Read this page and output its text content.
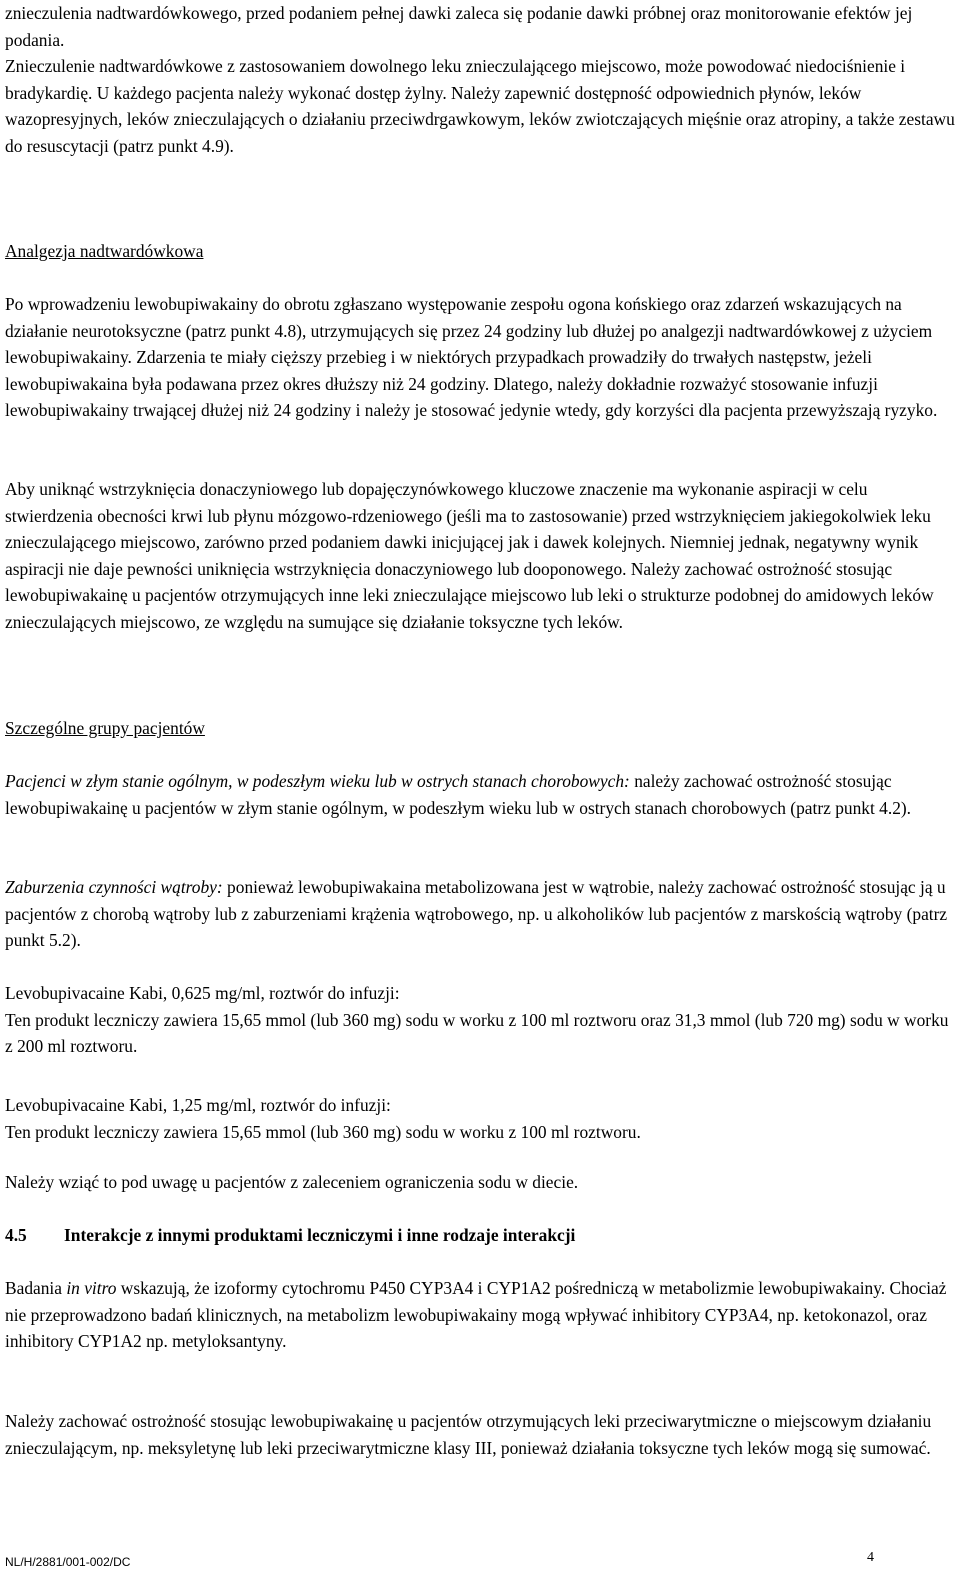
znieczulenia nadtwardówkowego, przed podaniem pełnej dawki zaleca się podanie dawki próbnej oraz monitorowanie efektów jej podania.

Znieczulenie nadtwardówkowe z zastosowaniem dowolnego leku znieczulającego miejscowo, może powodować niedociśnienie i bradykardię. U każdego pacjenta należy wykonać dostęp żylny. Należy zapewnić dostępność odpowiednich płynów, leków wazopresyjnych, leków znieczulających o działaniu przeciwdrgawkowym, leków zwiotczających mięśnie oraz atropiny, a także zestawu do resuscytacji (patrz punkt 4.9).

Analgezja nadtwardówkowa

Po wprowadzeniu lewobupiwakainy do obrotu zgłaszano występowanie zespołu ogona końskiego oraz zdarzeń wskazujących na działanie neurotoksyczne (patrz punkt 4.8), utrzymujących się przez 24 godziny lub dłużej po analgezji nadtwardówkowej z użyciem lewobupiwakainy. Zdarzenia te miały cięższy przebieg i w niektórych przypadkach prowadziły do trwałych następstw, jeżeli lewobupiwakaina była podawana przez okres dłuższy niż 24 godziny. Dlatego, należy dokładnie rozważyć stosowanie infuzji lewobupiwakainy trwającej dłużej niż 24 godziny i należy je stosować jedynie wtedy, gdy korzyści dla pacjenta przewyższają ryzyko.

Aby uniknąć wstrzyknięcia donaczyniowego lub dopajęczynówkowego kluczowe znaczenie ma wykonanie aspiracji w celu stwierdzenia obecności krwi lub płynu mózgowo-rdzeniowego (jeśli ma to zastosowanie) przed wstrzyknięciem jakiegokolwiek leku znieczulającego miejscowo, zarówno przed podaniem dawki inicjującej jak i dawek kolejnych. Niemniej jednak, negatywny wynik aspiracji nie daje pewności uniknięcia wstrzyknięcia donaczyniowego lub dooponowego. Należy zachować ostrożność stosując lewobupiwakainę u pacjentów otrzymujących inne leki znieczulające miejscowo lub leki o strukturze podobnej do amidowych leków znieczulających miejscowo, ze względu na sumujące się działanie toksyczne tych leków.

Szczególne grupy pacjentów

Pacjenci w złym stanie ogólnym, w podeszłym wieku lub w ostrych stanach chorobowych: należy zachować ostrożność stosując lewobupiwakainę u pacjentów w złym stanie ogólnym, w podeszłym wieku lub w ostrych stanach chorobowych (patrz punkt 4.2).

Zaburzenia czynności wątroby: ponieważ lewobupiwakaina metabolizowana jest w wątrobie, należy zachować ostrożność stosując ją u pacjentów z chorobą wątroby lub z zaburzeniami krążenia wątrobowego, np. u alkoholików lub pacjentów z marskością wątroby (patrz punkt 5.2).

Levobupivacaine Kabi, 0,625 mg/ml, roztwór do infuzji:
Ten produkt leczniczy zawiera 15,65 mmol (lub 360 mg) sodu w worku z 100 ml roztworu oraz 31,3 mmol (lub 720 mg) sodu w worku z 200 ml roztworu.

Levobupivacaine Kabi, 1,25 mg/ml, roztwór do infuzji:
Ten produkt leczniczy zawiera 15,65 mmol (lub 360 mg) sodu w worku z 100 ml roztworu.

Należy wziąć to pod uwagę u pacjentów z zaleceniem ograniczenia sodu w diecie.

4.5 Interakcje z innymi produktami leczniczymi i inne rodzaje interakcji

Badania in vitro wskazują, że izoformy cytochromu P450 CYP3A4 i CYP1A2 pośredniczą w metabolizmie lewobupiwakainy. Chociaż nie przeprowadzono badań klinicznych, na metabolizm lewobupiwakainy mogą wpływać inhibitory CYP3A4, np. ketokonazol, oraz inhibitory CYP1A2 np. metyloksantyny.

Należy zachować ostrożność stosując lewobupiwakainę u pacjentów otrzymujących leki przeciwarytmiczne o miejscowym działaniu znieczulającym, np. meksyletynę lub leki przeciwarytmiczne klasy III, ponieważ działania toksyczne tych leków mogą się sumować.

NL/H/2881/001-002/DC	4
